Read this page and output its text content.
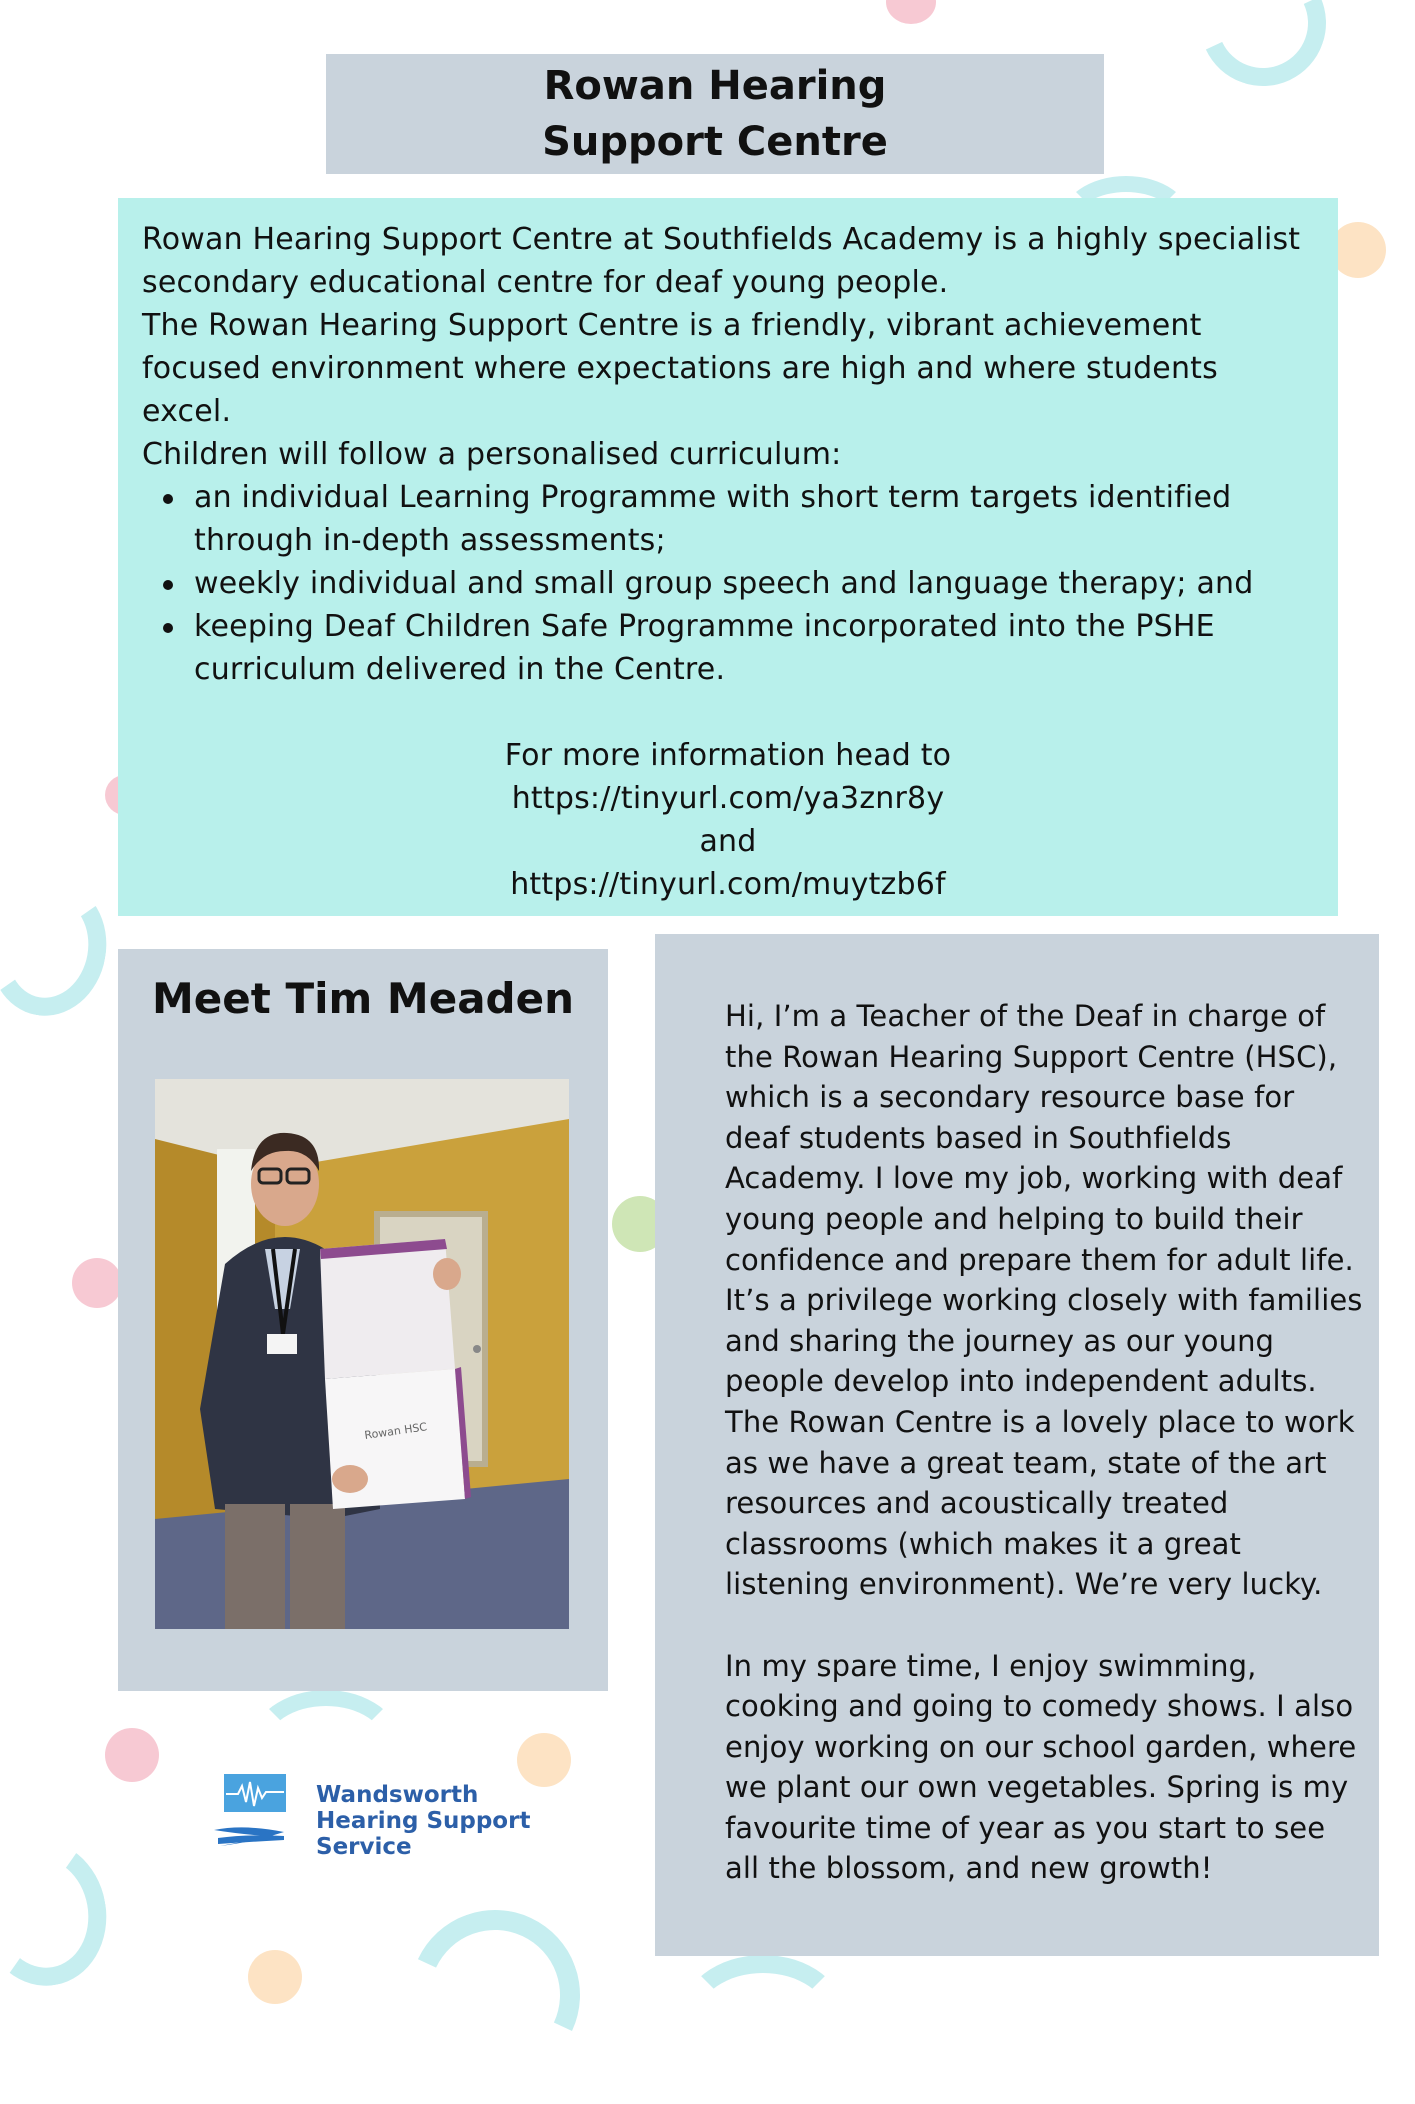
Rowan Hearing
Support Centre

Rowan Hearing Support Centre at Southfields Academy is a highly specialist secondary educational centre for deaf young people.

The Rowan Hearing Support Centre is a friendly, vibrant achievement focused environment where expectations are high and where students excel.

Children will follow a personalised curriculum:

an individual Learning Programme with short term targets identified through in-depth assessments;
weekly individual and small group speech and language therapy; and
keeping Deaf Children Safe Programme incorporated into the PSHE curriculum delivered in the Centre.
For more information head to
https://tinyurl.com/ya3znr8y
and
https://tinyurl.com/muytzb6f
Meet Tim Meaden
Rowan HSC

Hi, I’m a Teacher of the Deaf in charge of the Rowan Hearing Support Centre (HSC), which is a secondary resource base for deaf students based in Southfields Academy. I love my job, working with deaf young people and helping to build their confidence and prepare them for adult life. It’s a privilege working closely with families and sharing the journey as our young people develop into independent adults. The Rowan Centre is a lovely place to work as we have a great team, state of the art resources and acoustically treated classrooms (which makes it a great listening environment). We’re very lucky.

In my spare time, I enjoy swimming, cooking and going to comedy shows. I also enjoy working on our school garden, where we plant our own vegetables. Spring is my favourite time of year as you start to see all the blossom, and new growth!

Wandsworth
Hearing Support
Service
